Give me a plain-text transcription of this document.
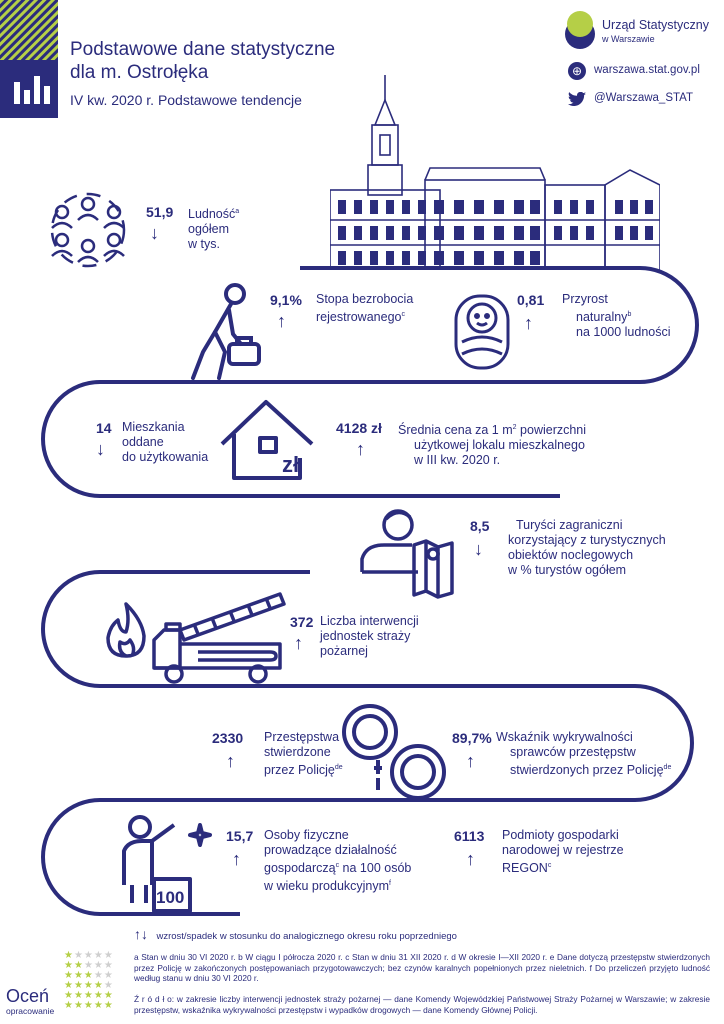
Podstawowe dane statystyczne
dla m. Ostrołęka
IV kw. 2020 r. Podstawowe tendencje
Urząd Statystyczny
w Warszawie
⊕	warszawa.stat.gov.pl
@Warszawa_STAT
51,9
↓
Ludność$^a$
ogółem
w tys.
9,1%
↑
Stopa bezrobocia
rejestrowanego$^c$
0,81
↑
Przyrost
naturalny$^b$
na 1000 ludności
14
↓
Mieszkania
oddane
do użytkowania	zł
4128 zł
↑
Średnia cena za 1 $m^2$ powierzchni
użytkowej lokalu mieszkalnego
w III kw. 2020 r.
8,5
↓
Turyści zagraniczni
korzystający z turystycznych
obiektów noclegowych
w % turystów ogółem
372
↑
Liczba interwencji
jednostek straży
pożarnej
2330
↑
Przestępstwa
stwierdzone
przez Policję$^{de}$
89,7%
↑
Wskaźnik wykrywalności
sprawców przestępstw
stwierdzonych przez Policję$^{de}$
100
15,7
↑
Osoby fizyczne
prowadzące działalność
gospodarczą$^c$ na 100 osób
w wieku produkcyjnym$^f$
6113
↑
Podmioty gospodarki
narodowej w rejestrze
REGON$^c$
↑↓ wzrost/spadek w stosunku do analogicznego okresu roku poprzedniego
★★★★★
★★★★★
★★★★★
★★★★★
★★★★★
★★★★★
Oceń
opracowanie
a Stan w dniu 30 VI 2020 r. b W ciągu I półrocza 2020 r. c Stan w dniu 31 XII 2020 r. d W okresie I—XII 2020 r. e Dane dotyczą przestępstw stwierdzonych przez Policję w zakończonych postępowaniach przygotowawczych; bez czynów karalnych popełnionych przez nieletnich. f Do przeliczeń przyjęto ludność według stanu w dniu 30 VI 2020 r.
Ź r ó d ł o: w zakresie liczby interwencji jednostek straży pożarnej — dane Komendy Wojewódzkiej Państwowej Straży Pożarnej w Warszawie; w zakresie przestępstw, wskaźnika wykrywalności przestępstw i wypadków drogowych — dane Komendy Głównej Policji.
